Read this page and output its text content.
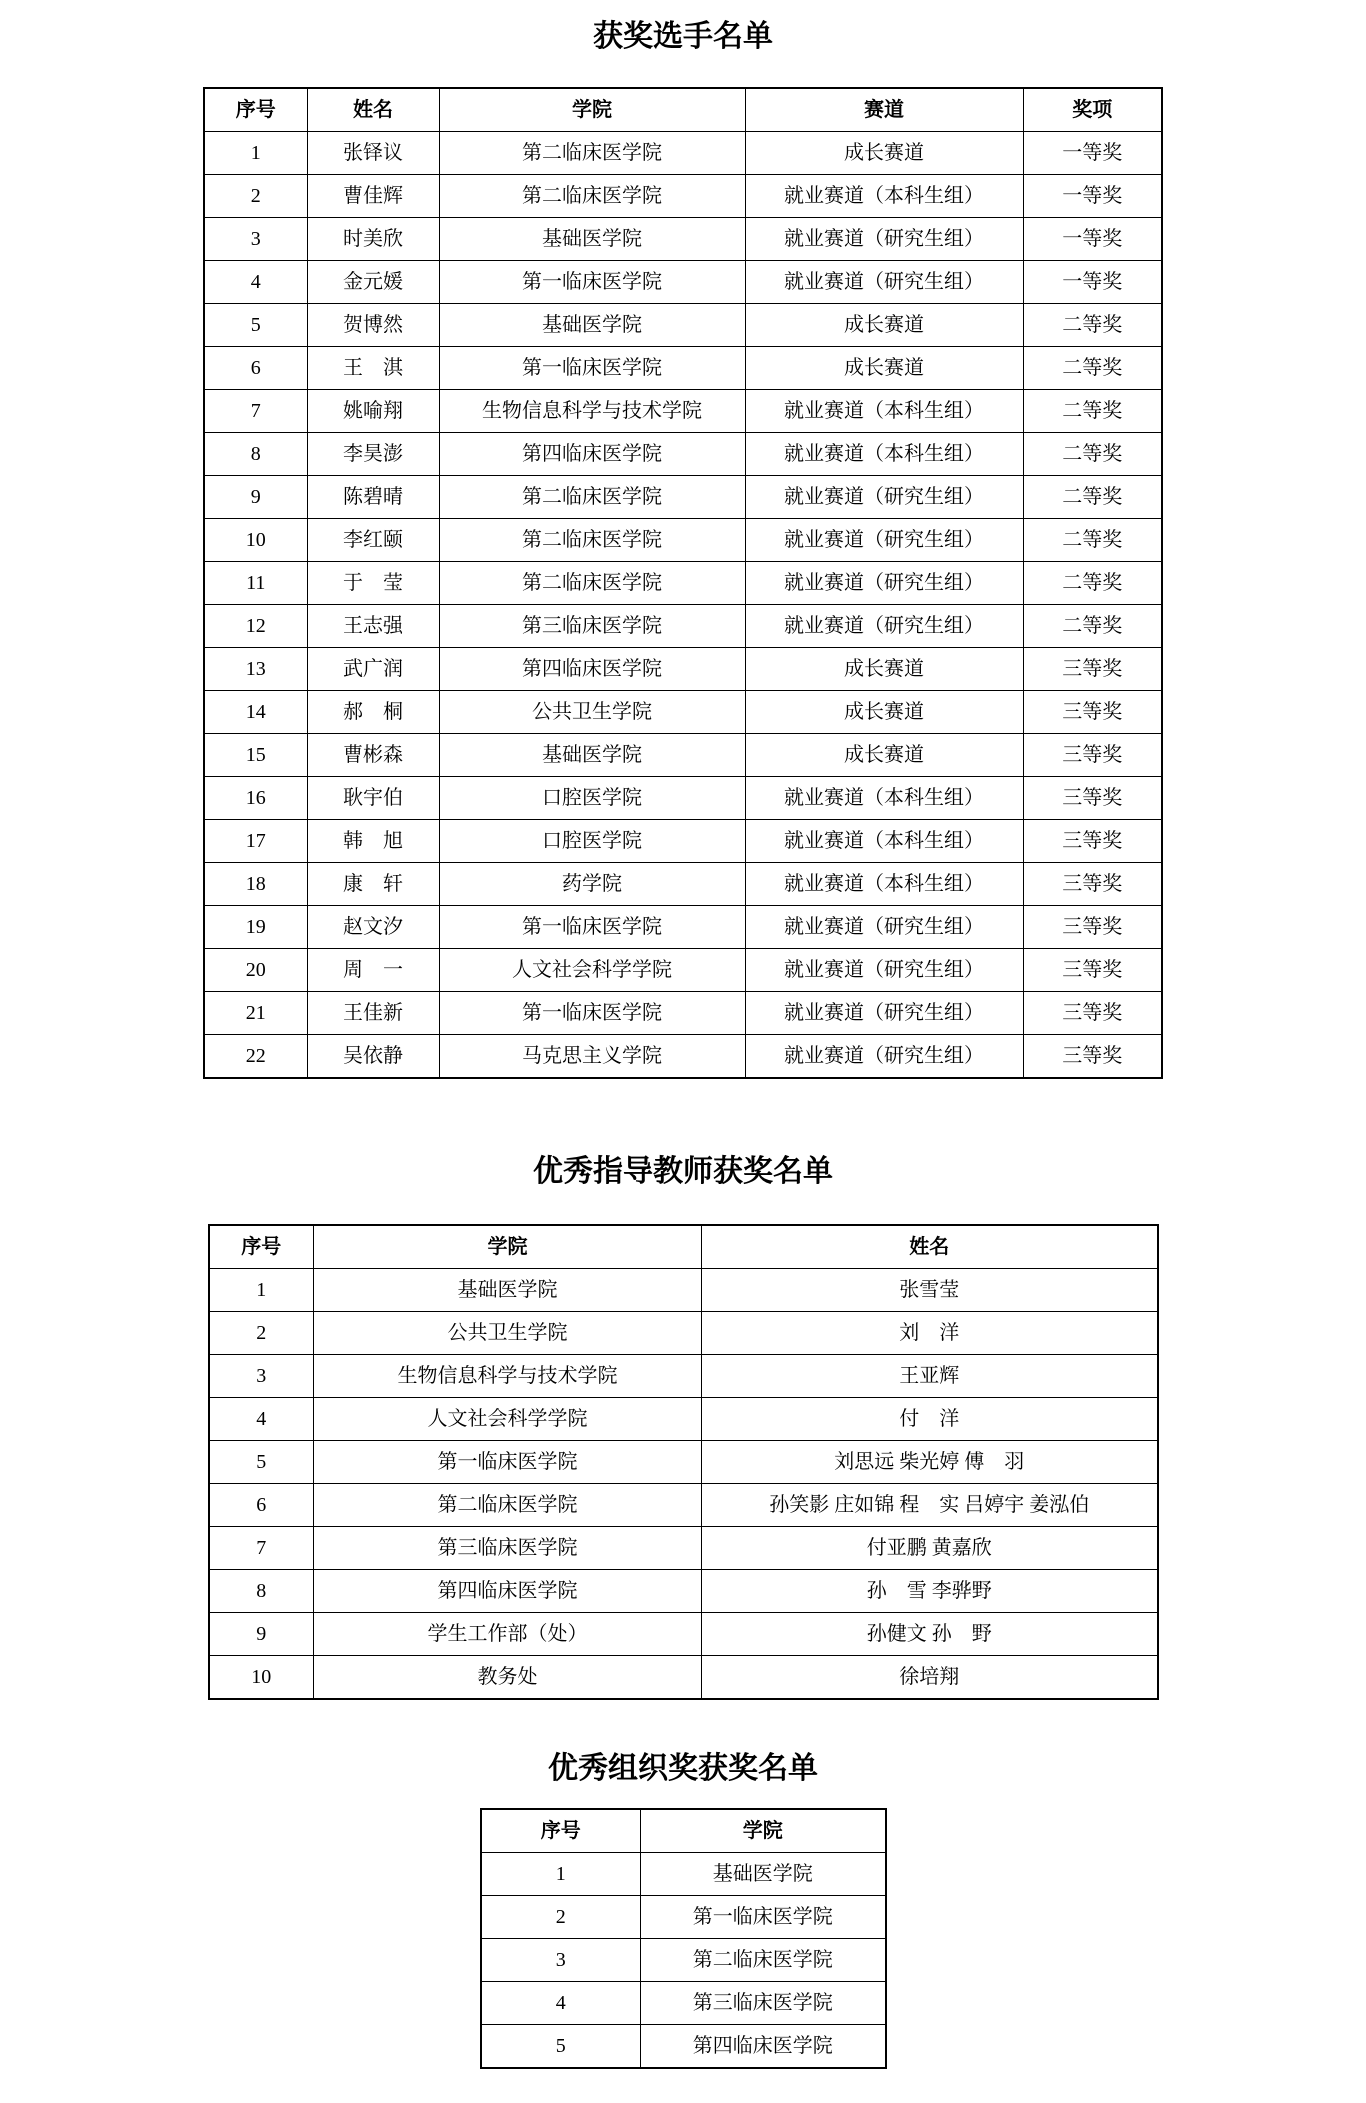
获奖选手名单
序号	姓名	学院	赛道	奖项
1	张铎议	第二临床医学院	成长赛道	一等奖
2	曹佳辉	第二临床医学院	就业赛道（本科生组）	一等奖
3	时美欣	基础医学院	就业赛道（研究生组）	一等奖
4	金元媛	第一临床医学院	就业赛道（研究生组）	一等奖
5	贺博然	基础医学院	成长赛道	二等奖
6	王　淇	第一临床医学院	成长赛道	二等奖
7	姚喻翔	生物信息科学与技术学院	就业赛道（本科生组）	二等奖
8	李昊澎	第四临床医学院	就业赛道（本科生组）	二等奖
9	陈碧晴	第二临床医学院	就业赛道（研究生组）	二等奖
10	李红颐	第二临床医学院	就业赛道（研究生组）	二等奖
11	于　莹	第二临床医学院	就业赛道（研究生组）	二等奖
12	王志强	第三临床医学院	就业赛道（研究生组）	二等奖
13	武广润	第四临床医学院	成长赛道	三等奖
14	郝　桐	公共卫生学院	成长赛道	三等奖
15	曹彬森	基础医学院	成长赛道	三等奖
16	耿宇伯	口腔医学院	就业赛道（本科生组）	三等奖
17	韩　旭	口腔医学院	就业赛道（本科生组）	三等奖
18	康　轩	药学院	就业赛道（本科生组）	三等奖
19	赵文汐	第一临床医学院	就业赛道（研究生组）	三等奖
20	周　一	人文社会科学学院	就业赛道（研究生组）	三等奖
21	王佳新	第一临床医学院	就业赛道（研究生组）	三等奖
22	吴依静	马克思主义学院	就业赛道（研究生组）	三等奖
优秀指导教师获奖名单
序号	学院	姓名
1	基础医学院	张雪莹
2	公共卫生学院	刘　洋
3	生物信息科学与技术学院	王亚辉
4	人文社会科学学院	付　洋
5	第一临床医学院	刘思远 柴光婷 傅　羽
6	第二临床医学院	孙笑影 庄如锦 程　实 吕婷宇 姜泓伯
7	第三临床医学院	付亚鹏 黄嘉欣
8	第四临床医学院	孙　雪 李骅野
9	学生工作部（处）	孙健文 孙　野
10	教务处	徐培翔
优秀组织奖获奖名单
序号	学院
1	基础医学院
2	第一临床医学院
3	第二临床医学院
4	第三临床医学院
5	第四临床医学院
